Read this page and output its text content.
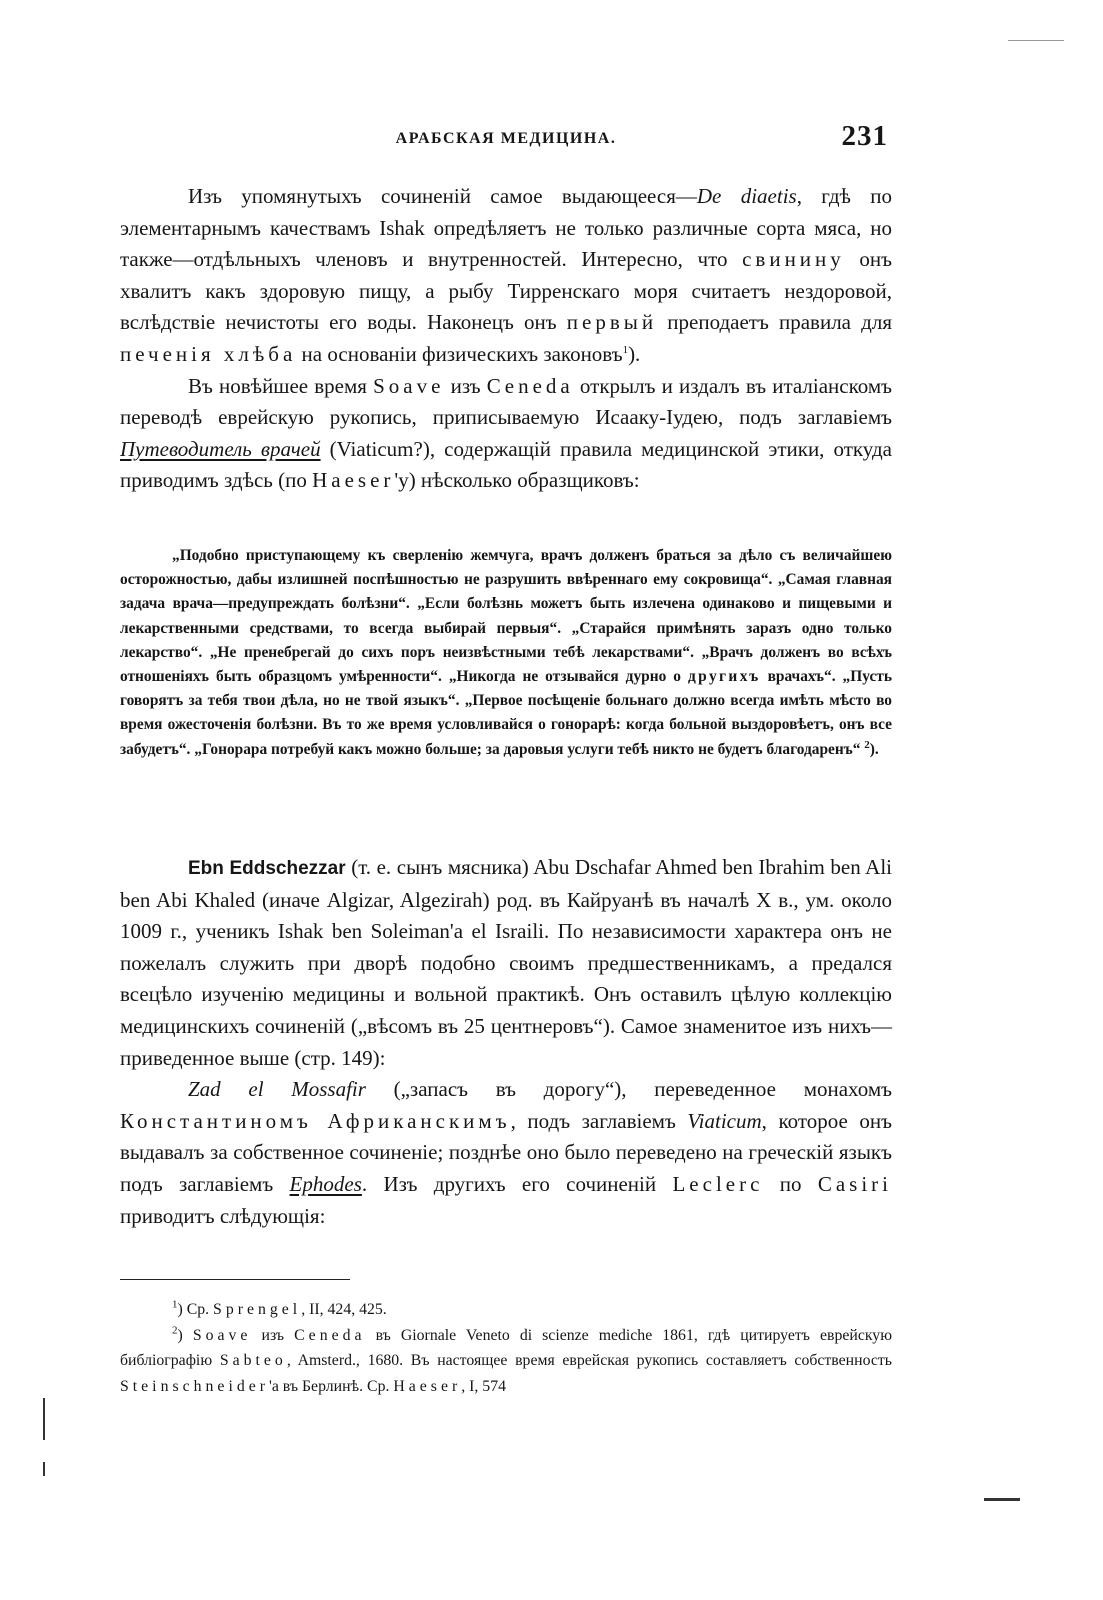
АРАБСКАЯ МЕДИЦИНА.	231

Изъ упомянутыхъ сочиненій самое выдающееся—De diaetis, гдѣ по элементарнымъ качествамъ Ishak опредѣляетъ не только различные сорта мяса, но также—отдѣльныхъ членовъ и внутренностей. Интересно, что свинину онъ хвалитъ какъ здоровую пищу, а рыбу Тирренскаго моря считаетъ нездоровой, вслѣдствіе нечистоты его воды. Наконецъ онъ первый преподаетъ правила для печенія хлѣба на основаніи физическихъ законовъ$^1$).

Въ новѣйшее время Soave изъ Ceneda открылъ и издалъ въ италіанскомъ переводѣ еврейскую рукопись, приписываемую Исааку-Іудею, подъ заглавіемъ Путеводитель врачей (Viaticum?), содержащій правила медицинской этики, откуда приводимъ здѣсь (по Haeser'у) нѣсколько образщиковъ:

„Подобно приступающему къ сверленію жемчуга, врачъ долженъ браться за дѣло съ величайшею осторожностью, дабы излишней поспѣшностью не разрушить ввѣреннаго ему сокровища“. „Самая главная задача врача—предупреждать болѣзни“. „Если болѣзнь можетъ быть излечена одинаково и пищевыми и лекарственными средствами, то всегда выбирай первыя“. „Старайся примѣнять заразъ одно только лекарство“. „Не пренебрегай до сихъ поръ неизвѣстными тебѣ лекарствами“. „Врачъ долженъ во всѣхъ отношеніяхъ быть образцомъ умѣренности“. „Никогда не отзывайся дурно о другихъ врачахъ“. „Пусть говорятъ за тебя твои дѣла, но не твой языкъ“. „Первое посѣщеніе больнаго должно всегда имѣть мѣсто во время ожесточенія болѣзни. Въ то же время условливайся о гонорарѣ: когда больной выздоровѣетъ, онъ все забудетъ“. „Гонорара потребуй какъ можно больше; за даровыя услуги тебѣ никто не будетъ благодаренъ“ $^2$).

Ebn Eddschezzar (т. е. сынъ мясника) Abu Dschafar Ahmed ben Ibrahim ben Ali ben Abi Khaled (иначе Algizar, Algezirah) род. въ Кайруанѣ въ началѣ X в., ум. около 1009 г., ученикъ Ishak ben Soleiman'a el Israili. По независимости характера онъ не пожелалъ служить при дворѣ подобно своимъ предшественникамъ, а предался всецѣло изученію медицины и вольной практикѣ. Онъ оставилъ цѣлую коллекцію медицинскихъ сочиненій („вѣсомъ въ 25 центнеровъ“). Самое знаменитое изъ нихъ—приведенное выше (стр. 149):

Zad el Mossafir („запасъ въ дорогу“), переведенное монахомъ Константиномъ Африканскимъ, подъ заглавіемъ Viaticum, которое онъ выдавалъ за собственное сочиненіе; позднѣе оно было переведено на греческій языкъ подъ заглавіемъ Ephodes. Изъ другихъ его сочиненій Leclerc по Casiri приводитъ слѣдующія:

$^1$) Ср. Sprengel, II, 424, 425.

$^2$) Soave изъ Ceneda въ Giornale Veneto di scienze mediche 1861, гдѣ цитируетъ еврейскую библіографію Sabteo, Amsterd., 1680. Въ настоящее время еврейская рукопись составляетъ собственность Steinschneider'a въ Берлинѣ. Ср. Haeser, I, 574
